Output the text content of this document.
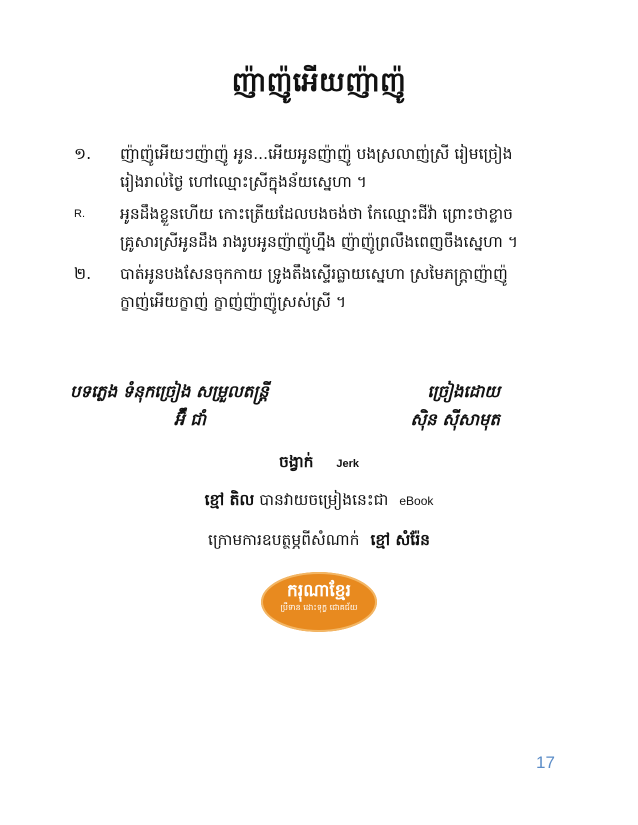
ញ៉ាញ៉ូអើយញ៉ាញ៉ូ
១.	ញ៉ាញ៉ូអើយៗញ៉ាញ៉ូ អូន...អើយអូនញ៉ាញ៉ូ បងស្រលាញ់ស្រី រៀមច្រៀង
រៀងរាល់ថ្ងៃ ហៅឈ្មោះស្រីក្នុងន័យស្នេហា ។
R.	អូនដឹងខ្លួនហើយ កោះត្រើយដែលបងចង់ថា កែឈ្មោះជីវ៉ា ព្រោះថាខ្លាច
គ្រូសារស្រីអូនដឹង រាងរូបអូនញ៉ាញ៉ូហ្នឹង ញ៉ាញ៉ូព្រលឹងពេញចឹងស្នេហា ។
២.	បាត់អូនបងសែនចុកកាយ ទ្រូងតឹងស្ទើរធ្លាយស្នេហា ស្រមៃភក្ត្រាញ៉ាញ៉ូ
ក្ខាញ់អើយក្ខាញ់ ក្ខាញ់ញ៉ាញ៉ូស្រស់ស្រី ។
បទភ្លេង ទំនុកច្រៀង សម្រួលតន្ត្រី	ច្រៀងដោយ
អ៊ឹំ ជាំ	ស៊ិន ស៊ីសាមុត
ចង្វាក់ Jerk
ខ្មៅ តិល បានវាយចម្រៀងនេះជា eBook
ក្រោមការឧបត្ថម្ភពីសំណាក់ ខ្មៅ សំរ៉ែន
ករុណាខ្មែរ
ប្រឹទាន ដោះទុក្ខ ជោគជ័យ
17
